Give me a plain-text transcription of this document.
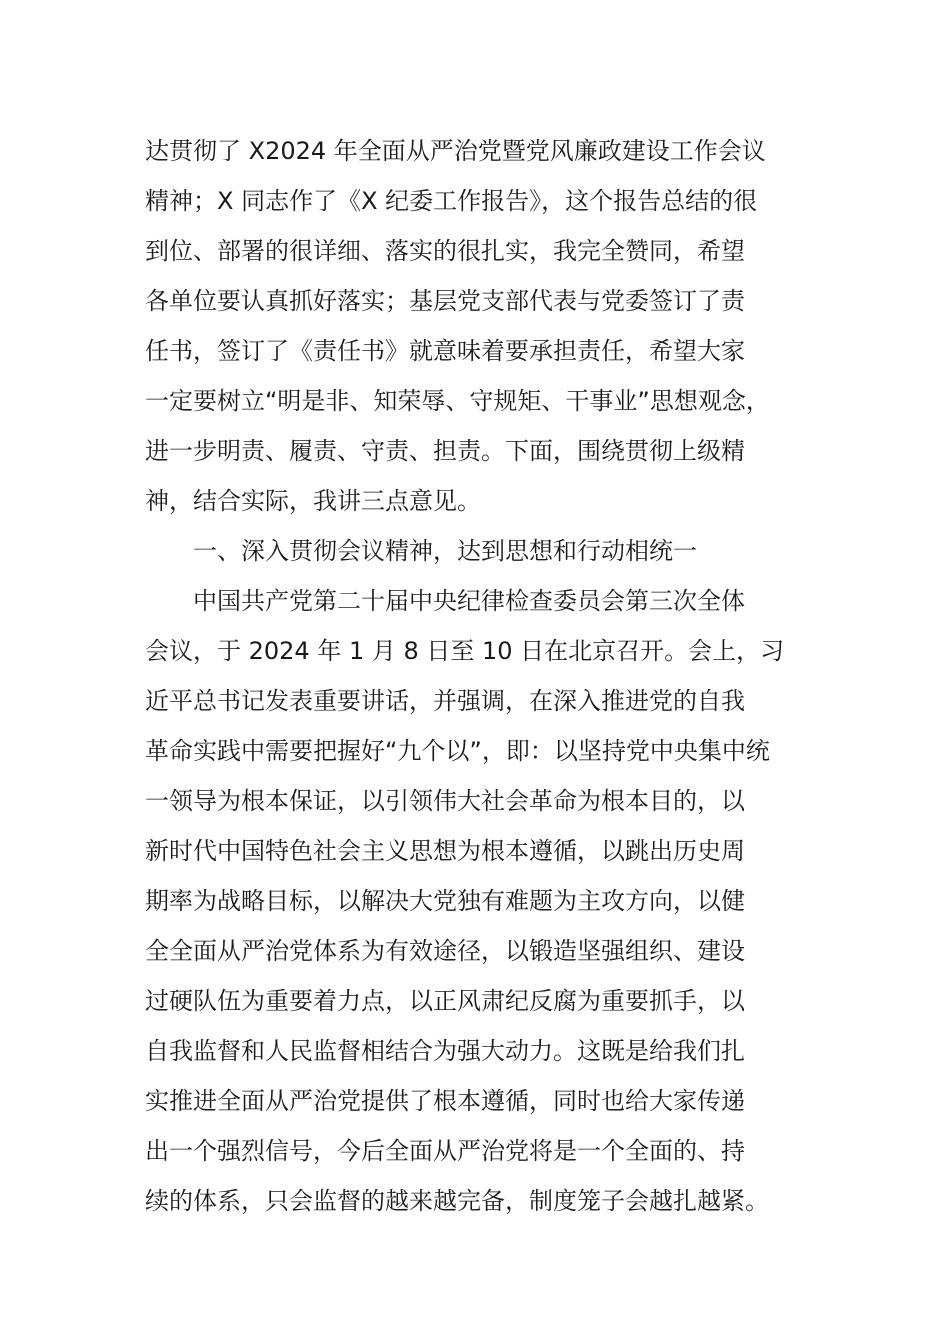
达贯彻了 X2024 年全面从严治党暨党风廉政建设工作会议

精神；X 同志作了《X 纪委工作报告》，这个报告总结的很

到位、部署的很详细、落实的很扎实，我完全赞同，希望

各单位要认真抓好落实；基层党支部代表与党委签订了责

任书，签订了《责任书》就意味着要承担责任，希望大家

一定要树立“明是非、知荣辱、守规矩、干事业”思想观念，

进一步明责、履责、守责、担责。下面，围绕贯彻上级精

神，结合实际，我讲三点意见。

一、深入贯彻会议精神，达到思想和行动相统一

中国共产党第二十届中央纪律检查委员会第三次全体

会议，于 2024 年 1 月 8 日至 10 日在北京召开。会上，习

近平总书记发表重要讲话，并强调，在深入推进党的自我

革命实践中需要把握好“九个以”，即：以坚持党中央集中统

一领导为根本保证，以引领伟大社会革命为根本目的，以

新时代中国特色社会主义思想为根本遵循，以跳出历史周

期率为战略目标，以解决大党独有难题为主攻方向，以健

全全面从严治党体系为有效途径，以锻造坚强组织、建设

过硬队伍为重要着力点，以正风肃纪反腐为重要抓手，以

自我监督和人民监督相结合为强大动力。这既是给我们扎

实推进全面从严治党提供了根本遵循，同时也给大家传递

出一个强烈信号，今后全面从严治党将是一个全面的、持

续的体系，只会监督的越来越完备，制度笼子会越扎越紧。
